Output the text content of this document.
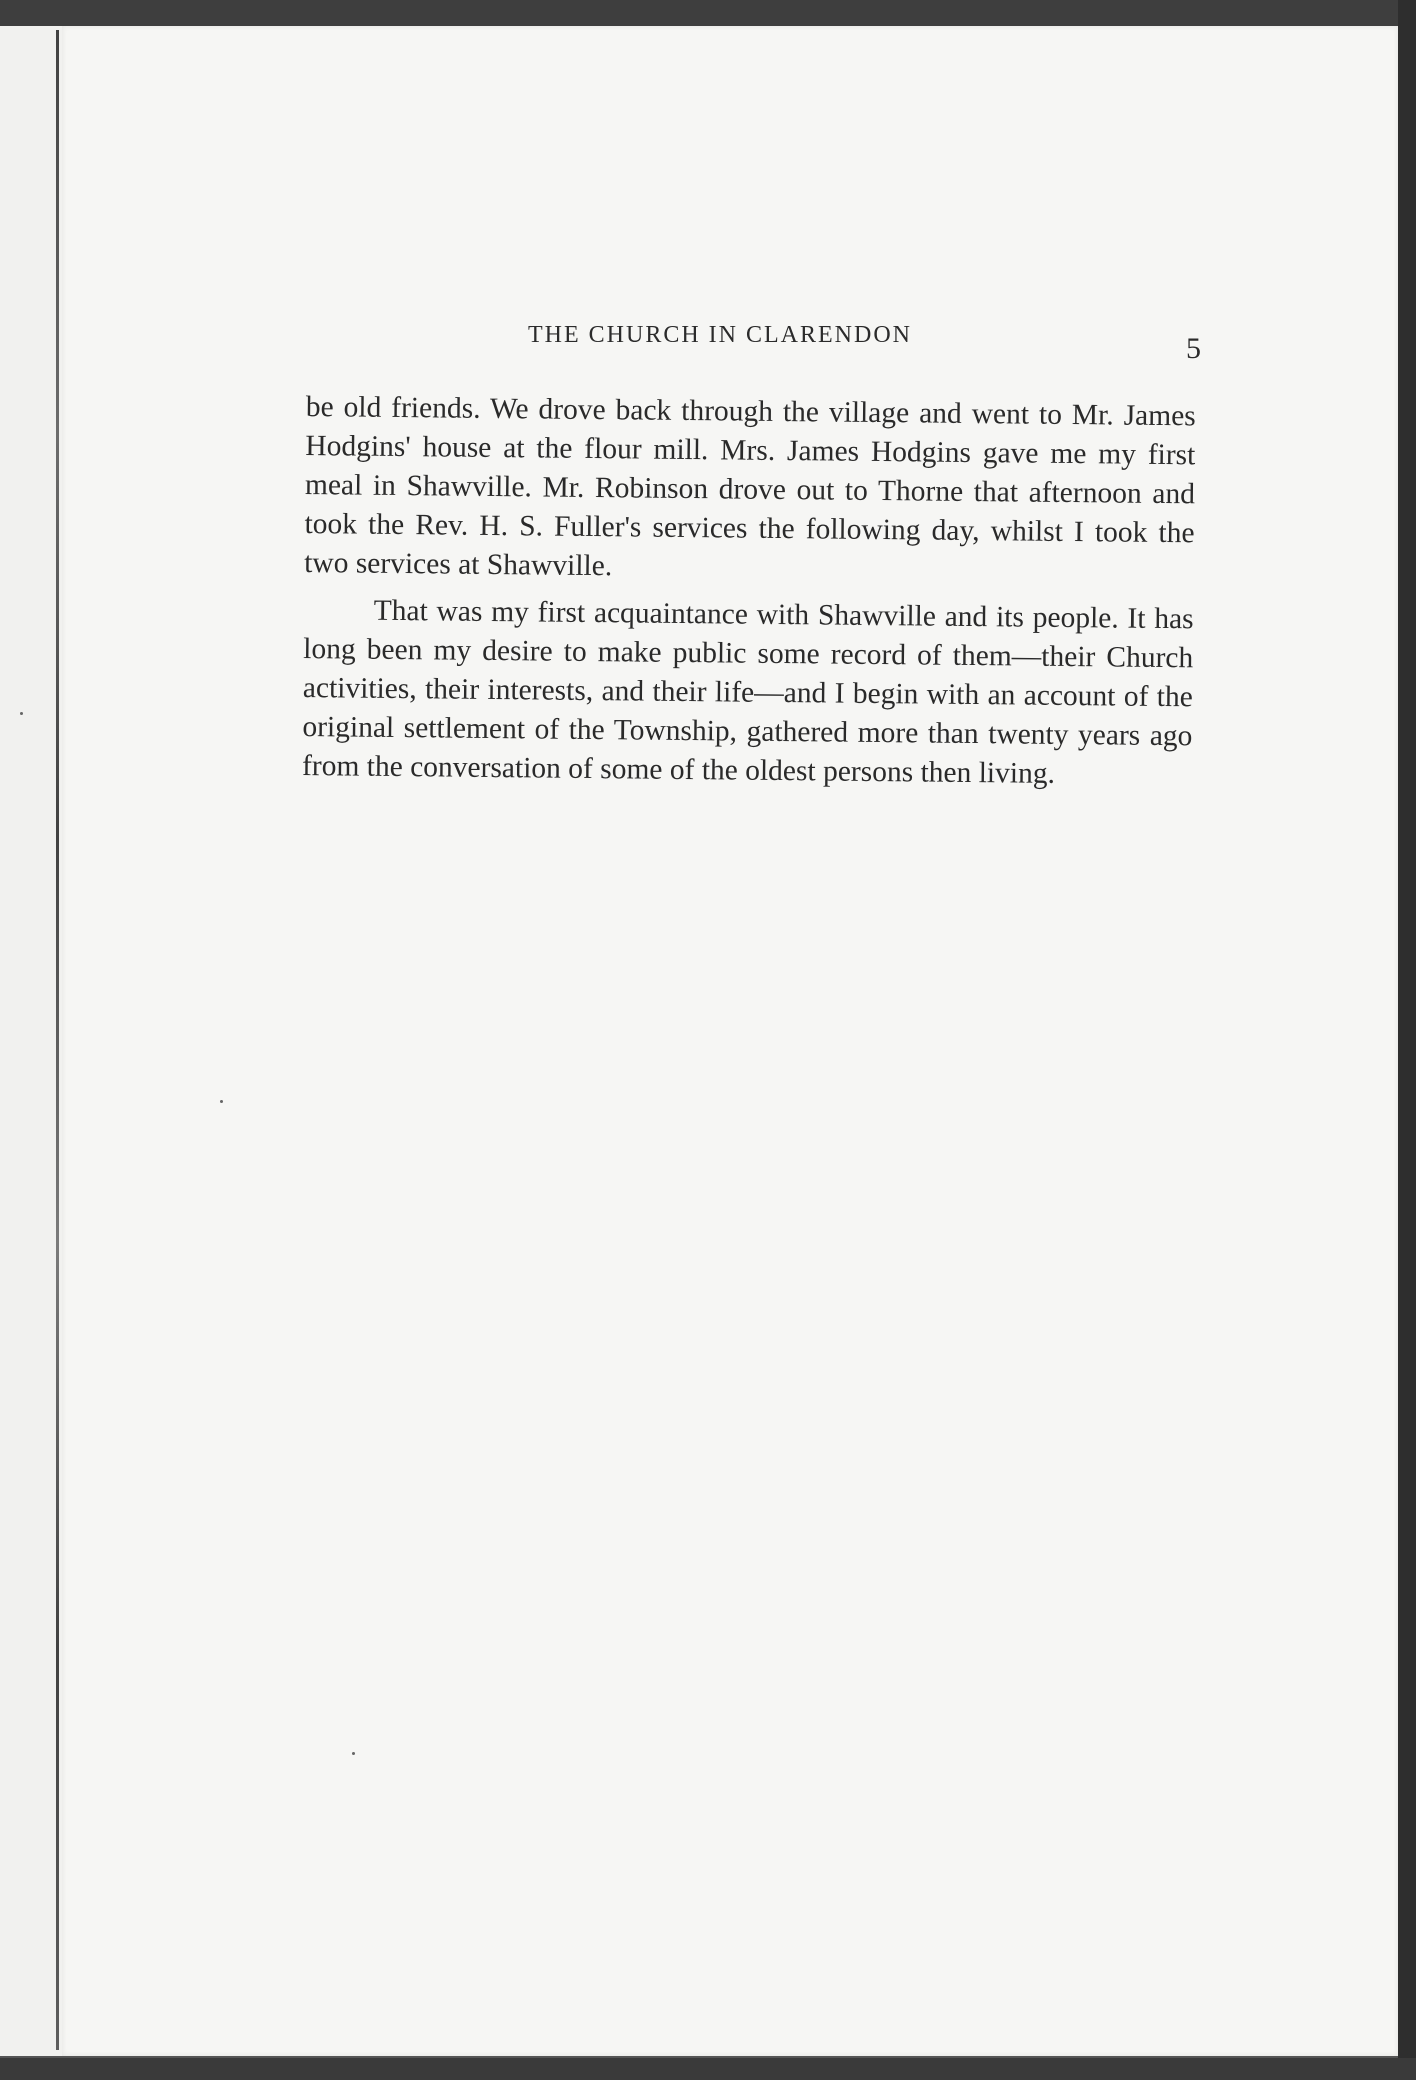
THE CHURCH IN CLARENDON	5

be old friends. We drove back through the village and went to Mr. James Hodgins' house at the flour mill. Mrs. James Hodgins gave me my first meal in Shawville. Mr. Robinson drove out to Thorne that afternoon and took the Rev. H. S. Fuller's services the following day, whilst I took the two services at Shawville.

That was my first acquaintance with Shawville and its people. It has long been my desire to make public some record of them—their Church activities, their interests, and their life—and I begin with an account of the original settlement of the Township, gathered more than twenty years ago from the conversation of some of the oldest persons then living.
